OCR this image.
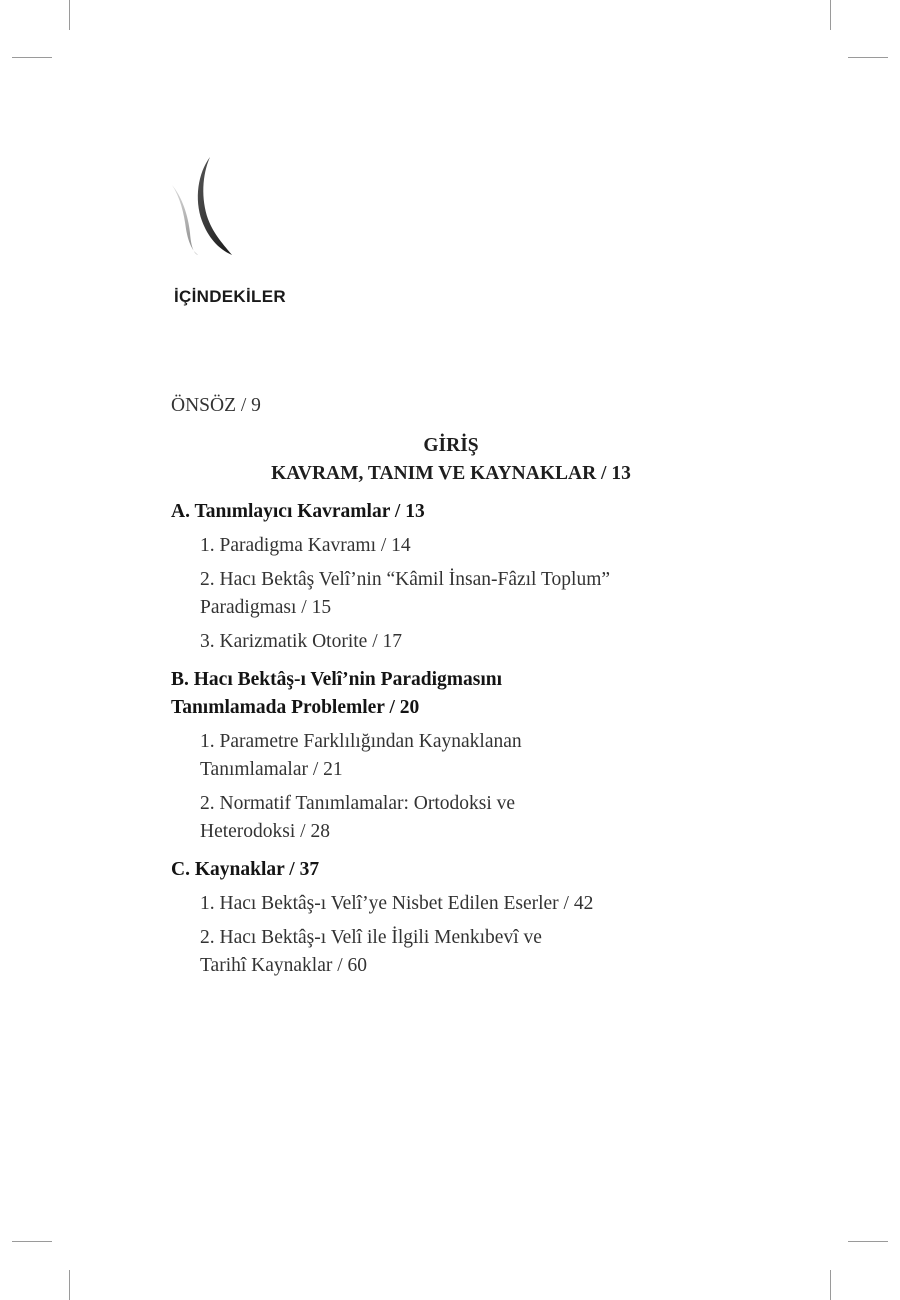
İÇİNDEKİLER

ÖNSÖZ / 9

GİRİŞ
KAVRAM, TANIM VE KAYNAKLAR / 13
A. Tanımlayıcı Kavramlar / 13
1. Paradigma Kavramı / 14
2. Hacı Bektâş Velî’nin “Kâmil İnsan-Fâzıl Toplum” Paradigması / 15
3. Karizmatik Otorite / 17
B. Hacı Bektâş-ı Velî’nin Paradigmasını Tanımlamada Problemler / 20
1. Parametre Farklılığından Kaynaklanan Tanımlamalar / 21
2. Normatif Tanımlamalar: Ortodoksi ve Heterodoksi / 28
C. Kaynaklar / 37
1. Hacı Bektâş-ı Velî’ye Nisbet Edilen Eserler / 42
2. Hacı Bektâş-ı Velî ile İlgili Menkıbevî ve Tarihî Kaynaklar / 60
